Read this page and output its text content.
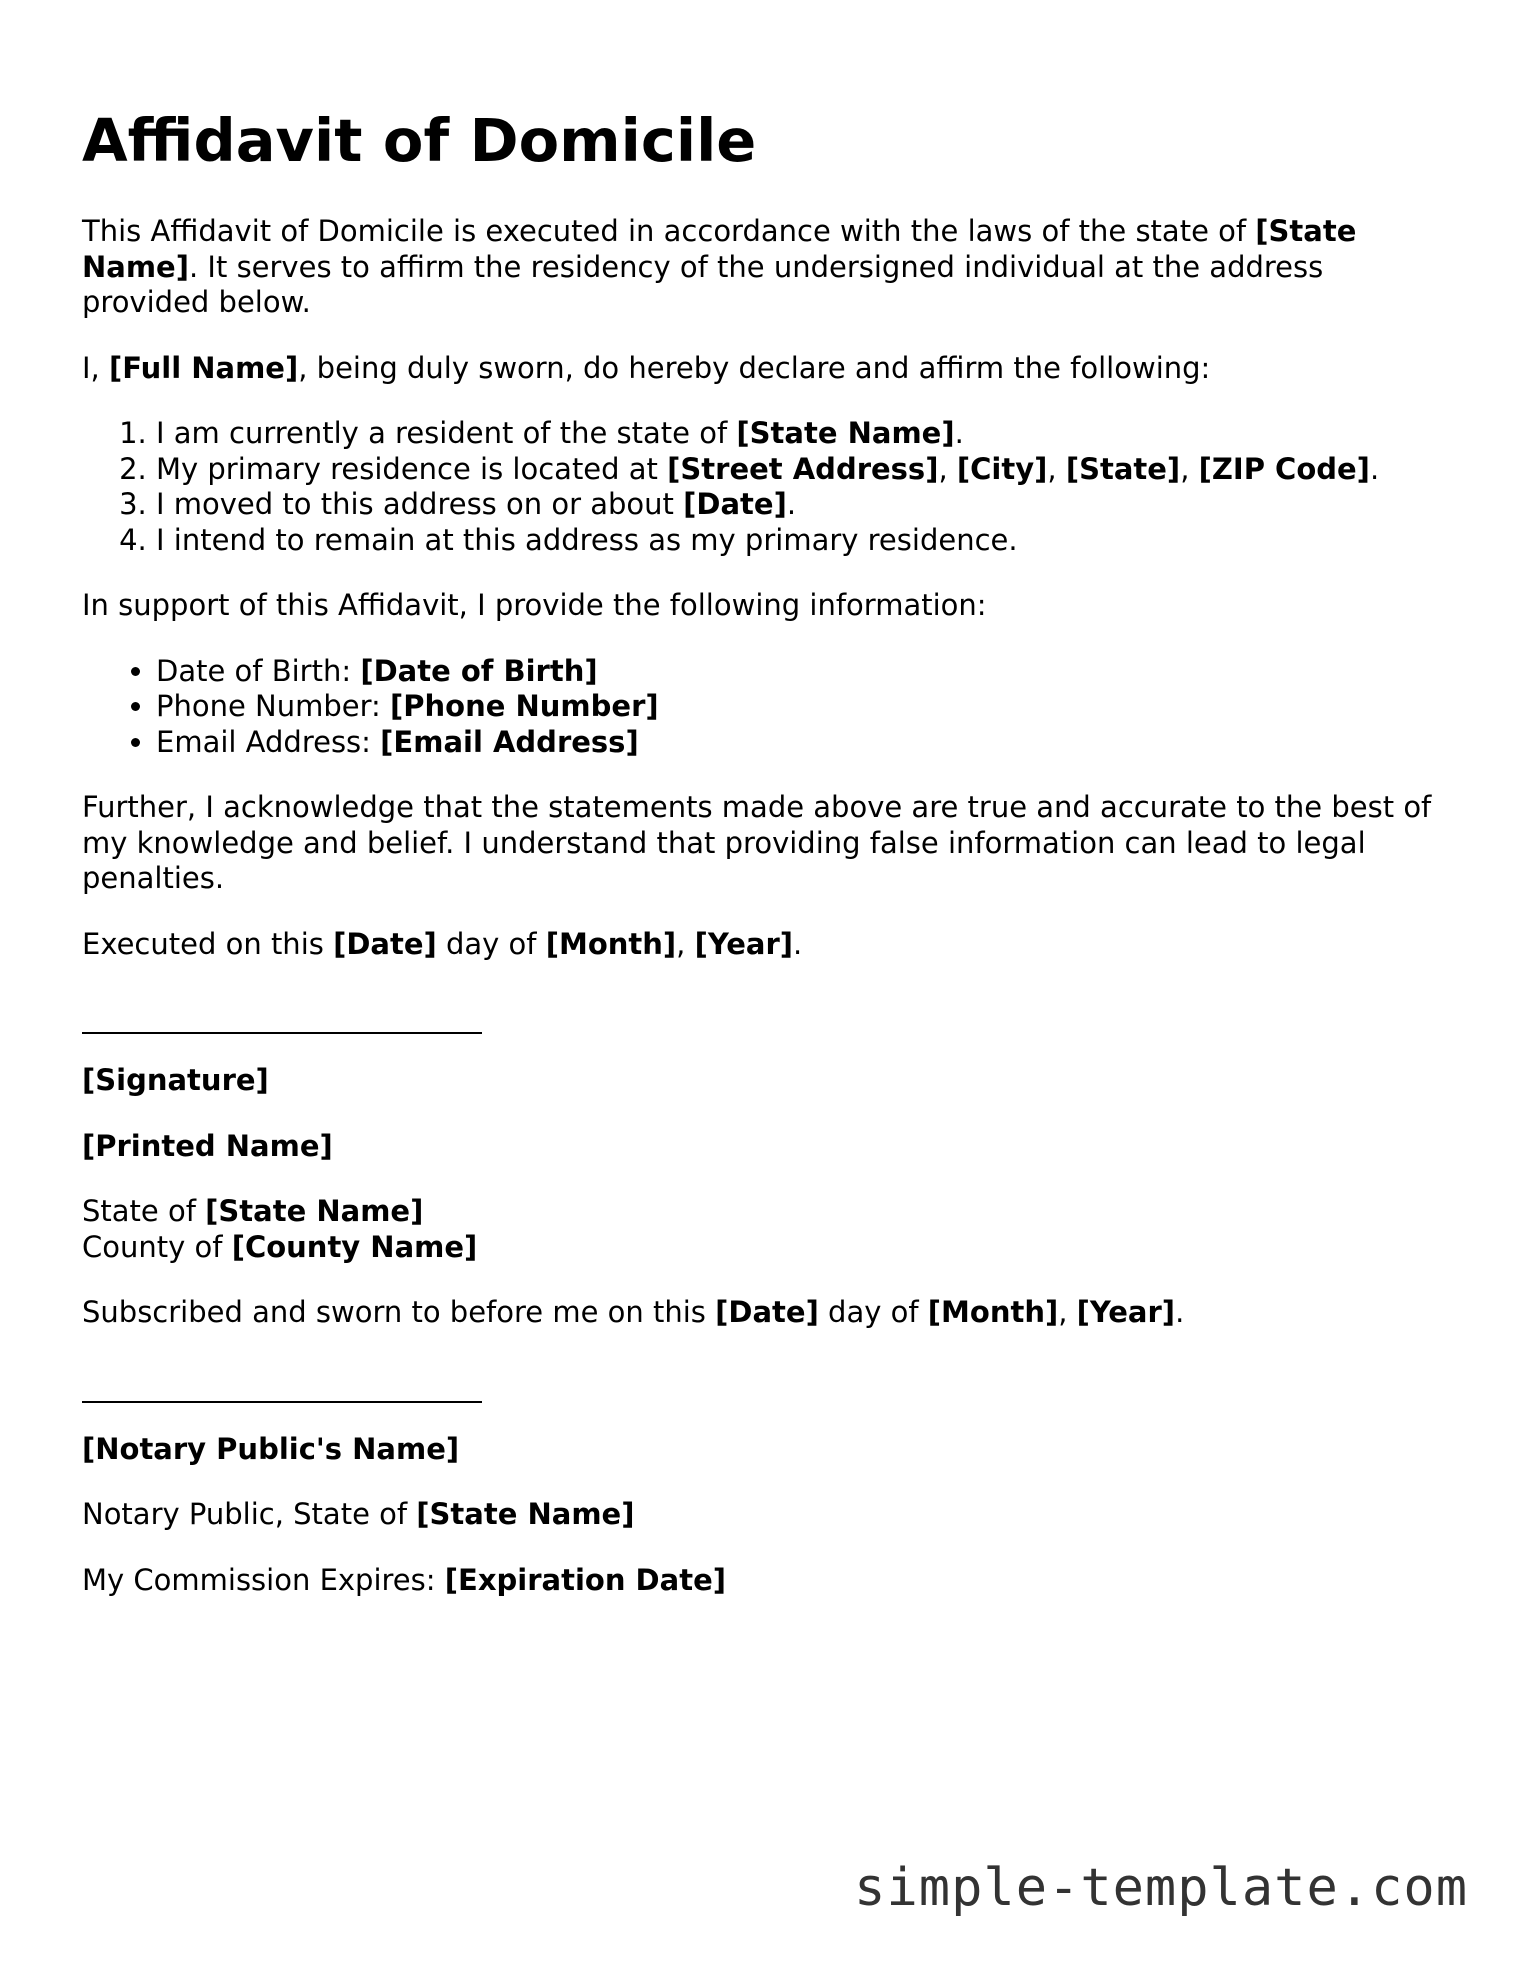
Affidavit of Domicile

This Affidavit of Domicile is executed in accordance with the laws of the state of [State Name]. It serves to affirm the residency of the undersigned individual at the address provided below.

I, [Full Name], being duly sworn, do hereby declare and affirm the following:

1. I am currently a resident of the state of [State Name].
2. My primary residence is located at [Street Address], [City], [State], [ZIP Code].
3. I moved to this address on or about [Date].
4. I intend to remain at this address as my primary residence.

In support of this Affidavit, I provide the following information:

• Date of Birth: [Date of Birth]
• Phone Number: [Phone Number]
• Email Address: [Email Address]

Further, I acknowledge that the statements made above are true and accurate to the best of my knowledge and belief. I understand that providing false information can lead to legal penalties.

Executed on this [Date] day of [Month], [Year].

[Signature]

[Printed Name]

State of [State Name]
County of [County Name]

Subscribed and sworn to before me on this [Date] day of [Month], [Year].

[Notary Public's Name]

Notary Public, State of [State Name]

My Commission Expires: [Expiration Date]

simple-template.com
